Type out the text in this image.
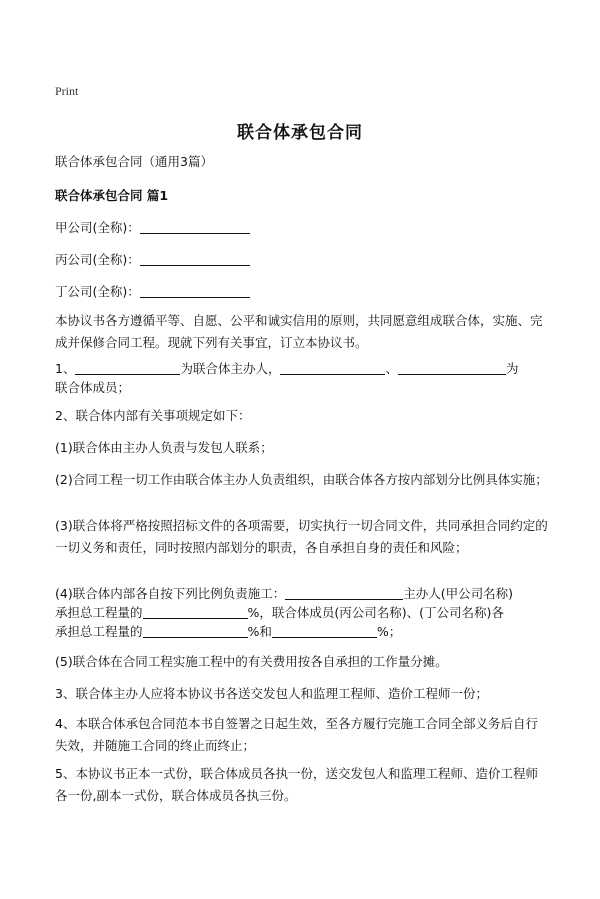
Print
联合体承包合同
联合体承包合同（通用3篇）
联合体承包合同 篇1
甲公司(全称)：
丙公司(全称)：
丁公司(全称)：
本协议书各方遵循平等、自愿、公平和诚实信用的原则，共同愿意组成联合体，实施、完成并保修合同工程。现就下列有关事宜，订立本协议书。
1、	为联合体主办人，	、	为
联合体成员；
2、联合体内部有关事项规定如下：
(1)联合体由主办人负责与发包人联系；
(2)合同工程一切工作由联合体主办人负责组织，由联合体各方按内部划分比例具体实施；
(3)联合体将严格按照招标文件的各项需要，切实执行一切合同文件，共同承担合同约定的一切义务和责任，同时按照内部划分的职责，各自承担自身的责任和风险；
(4)联合体内部各自按下列比例负责施工：	主办人(甲公司名称)
承担总工程量的	%，联合体成员(丙公司名称)、(丁公司名称)各
承担总工程量的	%和	%；
(5)联合体在合同工程实施工程中的有关费用按各自承担的工作量分摊。
3、联合体主办人应将本协议书各送交发包人和监理工程师、造价工程师一份；
4、本联合体承包合同范本书自签署之日起生效，至各方履行完施工合同全部义务后自行失效，并随施工合同的终止而终止；
5、本协议书正本一式份，联合体成员各执一份，送交发包人和监理工程师、造价工程师各一份,副本一式份，联合体成员各执三份。
